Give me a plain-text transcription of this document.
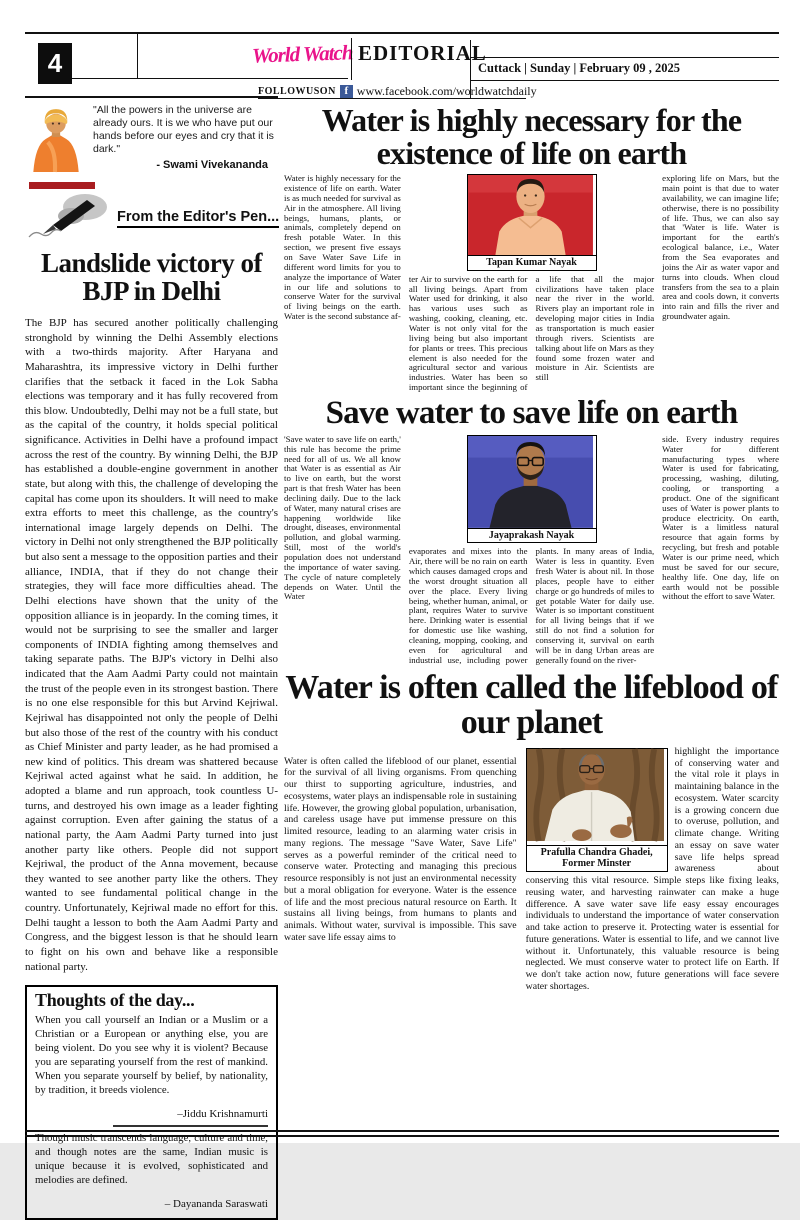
4	World Watch EDITORIAL
Cuttack | Sunday | February 09 , 2025
FOLLOWUSON f www.facebook.com/worldwatchdaily
"All the powers in the universe are already ours. It is we who have put our hands before our eyes and cry that it is dark."
- Swami Vivekananda
From the Editor's Pen...
Landslide victory of BJP in Delhi

The BJP has secured another politically challenging stronghold by winning the Delhi Assembly elections with a two-thirds majority. After Haryana and Maharashtra, its impressive victory in Delhi further clarifies that the setback it faced in the Lok Sabha elections was temporary and it has fully recovered from this blow. Undoubtedly, Delhi may not be a full state, but as the capital of the country, it holds special political significance. Activities in Delhi have a profound impact across the rest of the country. By winning Delhi, the BJP has established a double-engine government in another state, but along with this, the challenge of developing the capital has come upon its shoulders. It will need to make extra efforts to meet this challenge, as the country's international image largely depends on Delhi. The victory in Delhi not only strengthened the BJP politically but also sent a message to the opposition parties and their alliance, INDIA, that if they do not change their strategies, they will face more difficulties ahead. The Delhi elections have shown that the unity of the opposition alliance is in jeopardy. In the coming times, it would not be surprising to see the smaller and larger components of INDIA fighting among themselves and taking separate paths. The BJP's victory in Delhi also indicated that the Aam Aadmi Party could not maintain the trust of the people even in its strongest bastion. There is no one else responsible for this but Arvind Kejriwal. Kejriwal has disappointed not only the people of Delhi but also those of the rest of the country with his conduct as Chief Minister and party leader, as he had promised a new kind of politics. This dream was shattered because Kejriwal acted against what he said. In addition, he adopted a blame and run approach, took countless U-turns, and destroyed his own image as a leader fighting against corruption. Even after gaining the status of a national party, the Aam Aadmi Party turned into just another party like others. People did not support Kejriwal, the product of the Anna movement, because they wanted to see another party like the others. They wanted to see fundamental political change in the country. Unfortunately, Kejriwal made no effort for this. Delhi taught a lesson to both the Aam Aadmi Party and Congress, and the biggest lesson is that he should learn to fight on his own and behave like a responsible national party.

Thoughts of the day...

When you call yourself an Indian or a Muslim or a Christian or a European or anything else, you are being violent. Do you see why it is violent? Because you are separating yourself from the rest of mankind. When you separate yourself by belief, by nationality, by tradition, it breeds violence.

–Jiddu Krishnamurti

Though music transcends language, culture and time, and though notes are the same, Indian music is unique because it is evolved, sophisticated and melodies are defined.

– Dayananda Saraswati
Water is highly necessary for the existence of life on earth

Water is highly necessary for the existence of life on earth. Water is as much needed for survival as Air in the atmosphere. All living beings, humans, plants, or animals, completely depend on fresh potable Water. In this section, we present five essays on Save Water Save Life in different word limits for you to analyze the importance of Water in our life and solutions to conserve Water for the survival of living beings on the earth. Water is the second substance af-

Tapan Kumar Nayak

ter Air to survive on the earth for all living beings. Apart from Water used for drinking, it also has various uses such as washing, cooking, cleaning, etc. Water is not only vital for the living being but also important for plants or trees. This precious element is also needed for the agricultural sector and various industries. Water has been so important since the beginning of a life that all the major civilizations have taken place near the river in the world. Rivers play an important role in developing major cities in India as transportation is much easier through rivers. Scientists are talking about life on Mars as they found some frozen water and moisture in Air. Scientists are still

exploring life on Mars, but the main point is that due to water availability, we can imagine life; otherwise, there is no possibility of life. Thus, we can also say that 'Water is life. Water is important for the earth's ecological balance, i.e., Water from the Sea evaporates and joins the Air as water vapor and turns into clouds. When cloud transfers from the sea to a plain area and cools down, it converts into rain and fills the river and groundwater again.

Save water to save life on earth

'Save water to save life on earth,' this rule has become the prime need for all of us. We all know that Water is as essential as Air to live on earth, but the worst part is that fresh Water has been declining daily. Due to the lack of Water, many natural crises are happening worldwide like drought, diseases, environmental pollution, and global warming. Still, most of the world's population does not understand the importance of water saving. The cycle of nature completely depends on Water. Until the Water

Jayaprakash Nayak

evaporates and mixes into the Air, there will be no rain on earth which causes damaged crops and the worst drought situation all over the place. Every living being, whether human, animal, or plant, requires Water to survive here. Drinking water is essential for domestic use like washing, cleaning, mopping, cooking, and even for agricultural and industrial use, including power plants. In many areas of India, Water is less in quantity. Even fresh Water is about nil. In those places, people have to either charge or go hundreds of miles to get potable Water for daily use. Water is so important constituent for all living beings that if we still do not find a solution for conserving it, survival on earth will be in dang Urban areas are generally found on the river-

side. Every industry requires Water for different manufacturing types where Water is used for fabricating, processing, washing, diluting, cooling, or transporting a product. One of the significant uses of Water is power plants to produce electricity. On earth, Water is a limitless natural resource that again forms by recycling, but fresh and potable Water is our prime need, which must be saved for our secure, healthy life. One day, life on earth would not be possible without the effort to save Water.

Water is often called the lifeblood of our planet

Water is often called the lifeblood of our planet, essential for the survival of all living organisms. From quenching our thirst to supporting agriculture, industries, and ecosystems, water plays an indispensable role in sustaining life. However, the growing global population, urbanisation, and careless usage have put immense pressure on this limited resource, leading to an alarming water crisis in many regions. The message "Save Water, Save Life" serves as a powerful reminder of the critical need to conserve water. Protecting and managing this precious resource responsibly is not just an environmental necessity but a moral obligation for everyone. Water is the essence of life and the most precious natural resource on Earth. It sustains all living beings, from humans to plants and animals. Without water, survival is impossible. This save water save life essay aims to

Prafulla Chandra Ghadei,
Former Minster

highlight the importance of conserving water and the vital role it plays in maintaining balance in the ecosystem. Water scarcity is a growing concern due to overuse, pollution, and climate change. Writing an essay on save water save life helps spread awareness about conserving this vital resource. Simple steps like fixing leaks, reusing water, and harvesting rainwater can make a huge difference. A save water save life easy essay encourages individuals to understand the importance of water conservation and take action to preserve it. Protecting water is essential for future generations. Water is essential to life, and we cannot live without it. Unfortunately, this valuable resource is being neglected. We must conserve water to protect life on Earth. If we don't take action now, future generations will face severe water shortages.
